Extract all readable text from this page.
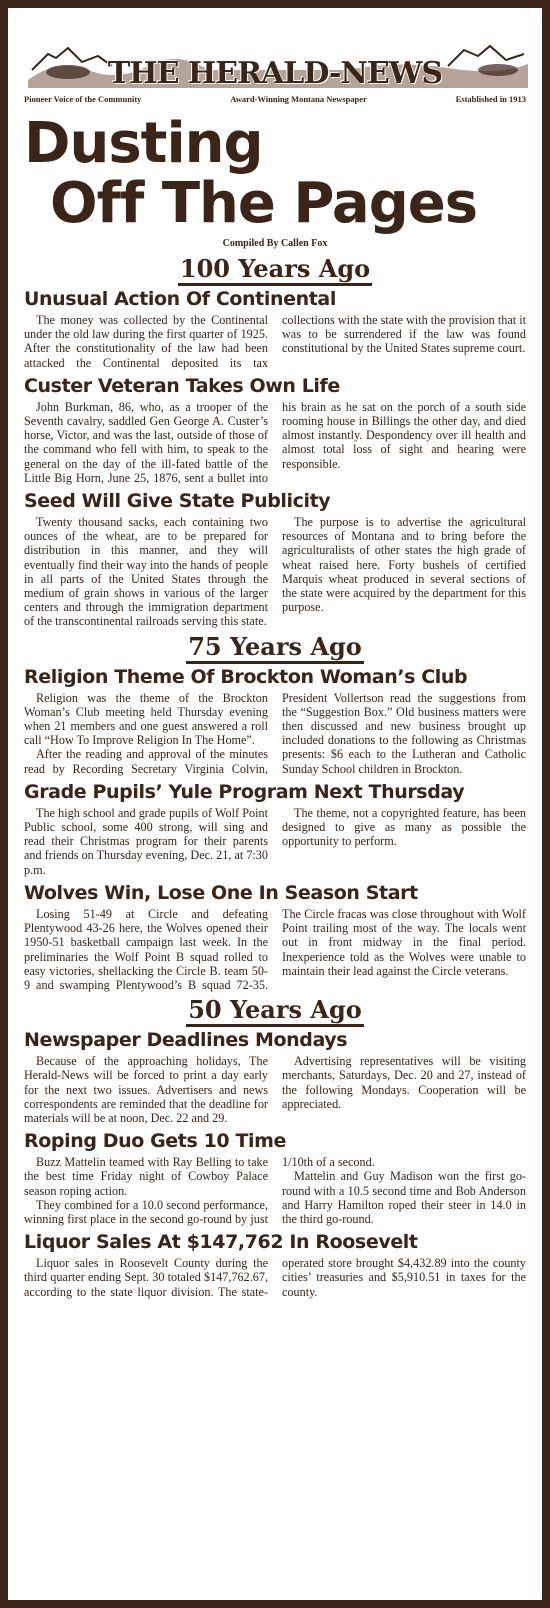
THE HERALD-NEWS
Pioneer Voice of the Community	Award-Winning Montana Newspaper	Established in 1913
Dusting
Off The Pages
Compiled By Callen Fox
100 Years Ago
Unusual Action Of Continental

The money was collected by the Continental under the old law during the first quarter of 1925. After the constitutionality of the law had been attacked the Continental deposited its tax collections with the state with the provision that it was to be surrendered if the law was found constitutional by the United States supreme court.

Custer Veteran Takes Own Life

John Burkman, 86, who, as a trooper of the Seventh cavalry, saddled Gen George A. Custer’s horse, Victor, and was the last, outside of those of the command who fell with him, to speak to the general on the day of the ill-fated battle of the Little Big Horn, June 25, 1876, sent a bullet into his brain as he sat on the porch of a south side rooming house in Billings the other day, and died almost instantly. Despondency over ill health and almost total loss of sight and hearing were responsible.

Seed Will Give State Publicity

Twenty thousand sacks, each containing two ounces of the wheat, are to be prepared for distribution in this manner, and they will eventually find their way into the hands of people in all parts of the United States through the medium of grain shows in various of the larger centers and through the immigration department of the transcontinental railroads serving this state.

The purpose is to advertise the agricultural resources of Montana and to bring before the agriculturalists of other states the high grade of wheat raised here. Forty bushels of certified Marquis wheat produced in several sections of the state were acquired by the department for this purpose.

75 Years Ago
Religion Theme Of Brockton Woman’s Club

Religion was the theme of the Brockton Woman’s Club meeting held Thursday evening when 21 members and one guest answered a roll call “How To Improve Religion In The Home”.

After the reading and approval of the minutes read by Recording Secretary Virginia Colvin, President Vollertson read the suggestions from the “Suggestion Box.” Old business matters were then discussed and new business brought up included donations to the following as Christmas presents: $6 each to the Lutheran and Catholic Sunday School children in Brockton.

Grade Pupils’ Yule Program Next Thursday

The high school and grade pupils of Wolf Point Public school, some 400 strong, will sing and read their Christmas program for their parents and friends on Thursday evening, Dec. 21, at 7:30 p.m.

The theme, not a copyrighted feature, has been designed to give as many as possible the opportunity to perform.

Wolves Win, Lose One In Season Start

Losing 51-49 at Circle and defeating Plentywood 43-26 here, the Wolves opened their 1950-51 basketball campaign last week. In the preliminaries the Wolf Point B squad rolled to easy victories, shellacking the Circle B. team 50-9 and swamping Plentywood’s B squad 72-35. The Circle fracas was close throughout with Wolf Point trailing most of the way. The locals went out in front midway in the final period. Inexperience told as the Wolves were unable to maintain their lead against the Circle veterans.

50 Years Ago
Newspaper Deadlines Mondays

Because of the approaching holidays, The Herald-News will be forced to print a day early for the next two issues. Advertisers and news correspondents are reminded that the deadline for materials will be at noon, Dec. 22 and 29.

Advertising representatives will be visiting merchants, Saturdays, Dec. 20 and 27, instead of the following Mondays. Cooperation will be appreciated.

Roping Duo Gets 10 Time

Buzz Mattelin teamed with Ray Belling to take the best time Friday night of Cowboy Palace season roping action.

They combined for a 10.0 second performance, winning first place in the second go-round by just 1/10th of a second.

Mattelin and Guy Madison won the first go-round with a 10.5 second time and Bob Anderson and Harry Hamilton roped their steer in 14.0 in the third go-round.

Liquor Sales At $147,762 In Roosevelt

Liquor sales in Roosevelt County during the third quarter ending Sept. 30 totaled $147,762.67, according to the state liquor division. The state-operated store brought $4,432.89 into the county cities’ treasuries and $5,910.51 in taxes for the county.
